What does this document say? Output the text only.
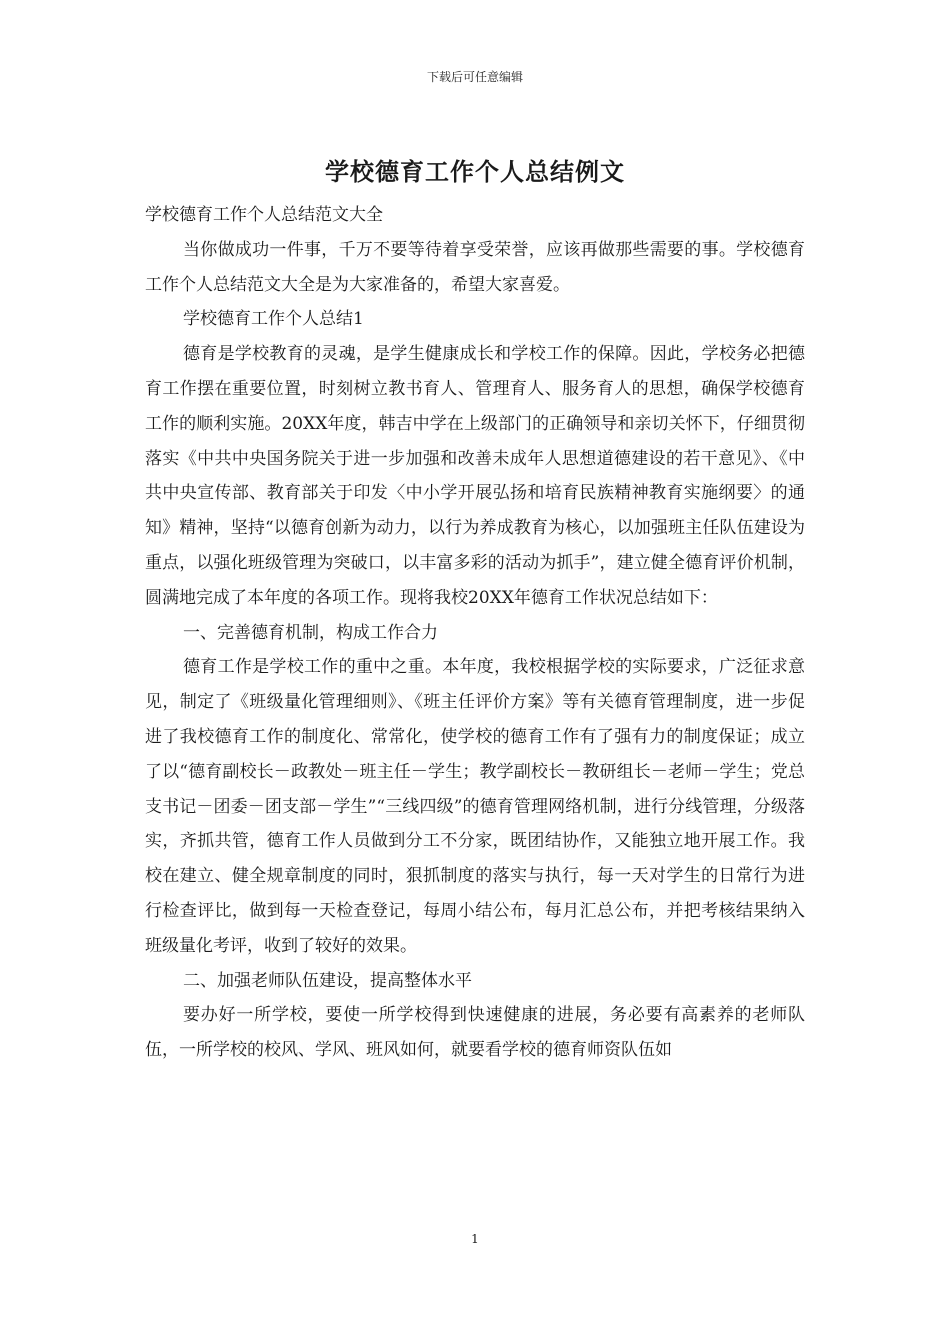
下载后可任意编辑
学校德育工作个人总结例文

学校德育工作个人总结范文大全

当你做成功一件事，千万不要等待着享受荣誉，应该再做那些需要的事。学校德育工作个人总结范文大全是为大家准备的，希望大家喜爱。

学校德育工作个人总结1

德育是学校教育的灵魂，是学生健康成长和学校工作的保障。因此，学校务必把德育工作摆在重要位置，时刻树立教书育人、管理育人、服务育人的思想，确保学校德育工作的顺利实施。20XX年度，韩吉中学在上级部门的正确领导和亲切关怀下，仔细贯彻落实《中共中央国务院关于进一步加强和改善未成年人思想道德建设的若干意见》、《中共中央宣传部、教育部关于印发〈中小学开展弘扬和培育民族精神教育实施纲要〉的通知》精神，坚持“以德育创新为动力，以行为养成教育为核心，以加强班主任队伍建设为重点，以强化班级管理为突破口，以丰富多彩的活动为抓手”，建立健全德育评价机制，圆满地完成了本年度的各项工作。现将我校20XX年德育工作状况总结如下：

一、完善德育机制，构成工作合力

德育工作是学校工作的重中之重。本年度，我校根据学校的实际要求，广泛征求意见，制定了《班级量化管理细则》、《班主任评价方案》等有关德育管理制度，进一步促进了我校德育工作的制度化、常常化，使学校的德育工作有了强有力的制度保证；成立了以“德育副校长－政教处－班主任－学生；教学副校长－教研组长－老师－学生；党总支书记－团委－团支部－学生”“三线四级”的德育管理网络机制，进行分线管理，分级落实，齐抓共管，德育工作人员做到分工不分家，既团结协作，又能独立地开展工作。我校在建立、健全规章制度的同时，狠抓制度的落实与执行，每一天对学生的日常行为进行检查评比，做到每一天检查登记，每周小结公布，每月汇总公布，并把考核结果纳入班级量化考评，收到了较好的效果。

二、加强老师队伍建设，提高整体水平

要办好一所学校，要使一所学校得到快速健康的进展，务必要有高素养的老师队伍，一所学校的校风、学风、班风如何，就要看学校的德育师资队伍如

1
